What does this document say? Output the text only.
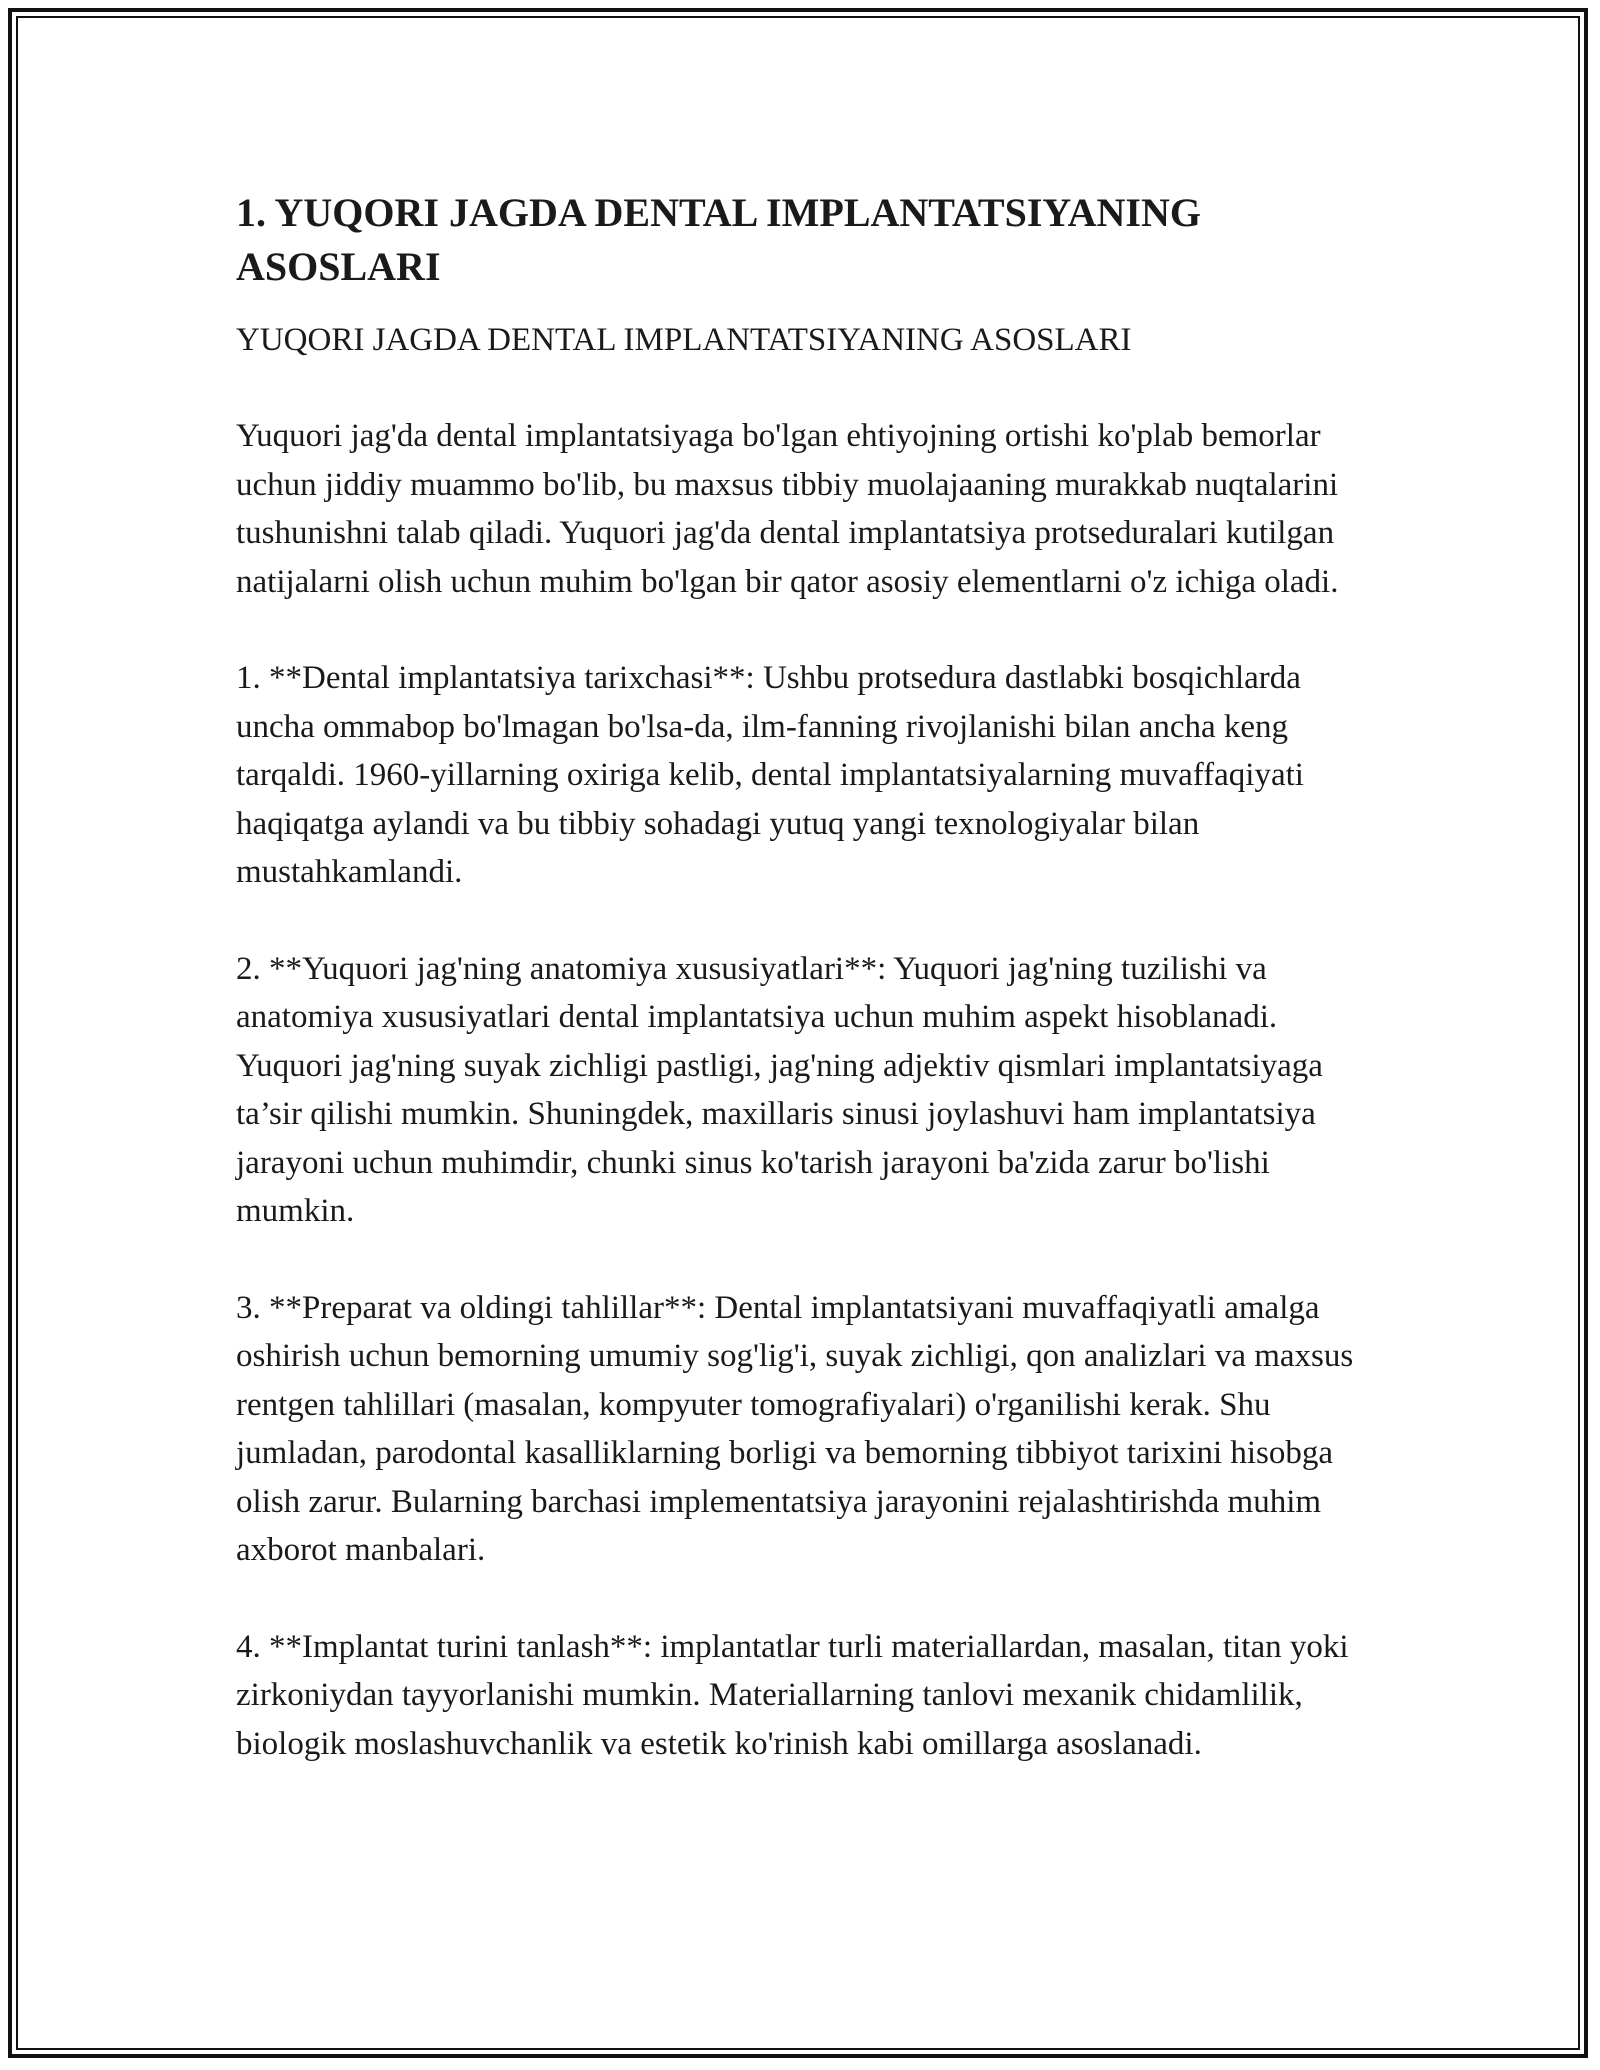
1. YUQORI JAGDA DENTAL IMPLANTATSIYANING ASOSLARI

YUQORI JAGDA DENTAL IMPLANTATSIYANING ASOSLARI

Yuquori jag'da dental implantatsiyaga bo'lgan ehtiyojning ortishi ko'plab bemorlar uchun jiddiy muammo bo'lib, bu maxsus tibbiy muolajaaning murakkab nuqtalarini tushunishni talab qiladi. Yuquori jag'da dental implantatsiya protseduralari kutilgan natijalarni olish uchun muhim bo'lgan bir qator asosiy elementlarni o'z ichiga oladi.

1. **Dental implantatsiya tarixchasi**: Ushbu protsedura dastlabki bosqichlarda uncha ommabop bo'lmagan bo'lsa-da, ilm-fanning rivojlanishi bilan ancha keng tarqaldi. 1960-yillarning oxiriga kelib, dental implantatsiyalarning muvaffaqiyati haqiqatga aylandi va bu tibbiy sohadagi yutuq yangi texnologiyalar bilan mustahkamlandi.

2. **Yuquori jag'ning anatomiya xususiyatlari**: Yuquori jag'ning tuzilishi va anatomiya xususiyatlari dental implantatsiya uchun muhim aspekt hisoblanadi. Yuquori jag'ning suyak zichligi pastligi, jag'ning adjektiv qismlari implantatsiyaga ta’sir qilishi mumkin. Shuningdek, maxillaris sinusi joylashuvi ham implantatsiya jarayoni uchun muhimdir, chunki sinus ko'tarish jarayoni ba'zida zarur bo'lishi mumkin.

3. **Preparat va oldingi tahlillar**: Dental implantatsiyani muvaffaqiyatli amalga oshirish uchun bemorning umumiy sog'lig'i, suyak zichligi, qon analizlari va maxsus rentgen tahlillari (masalan, kompyuter tomografiyalari) o'rganilishi kerak. Shu jumladan, parodontal kasalliklarning borligi va bemorning tibbiyot tarixini hisobga olish zarur. Bularning barchasi implementatsiya jarayonini rejalashtirishda muhim axborot manbalari.

4. **Implantat turini tanlash**: implantatlar turli materiallardan, masalan, titan yoki zirkoniydan tayyorlanishi mumkin. Materiallarning tanlovi mexanik chidamlilik, biologik moslashuvchanlik va estetik ko'rinish kabi omillarga asoslanadi.
